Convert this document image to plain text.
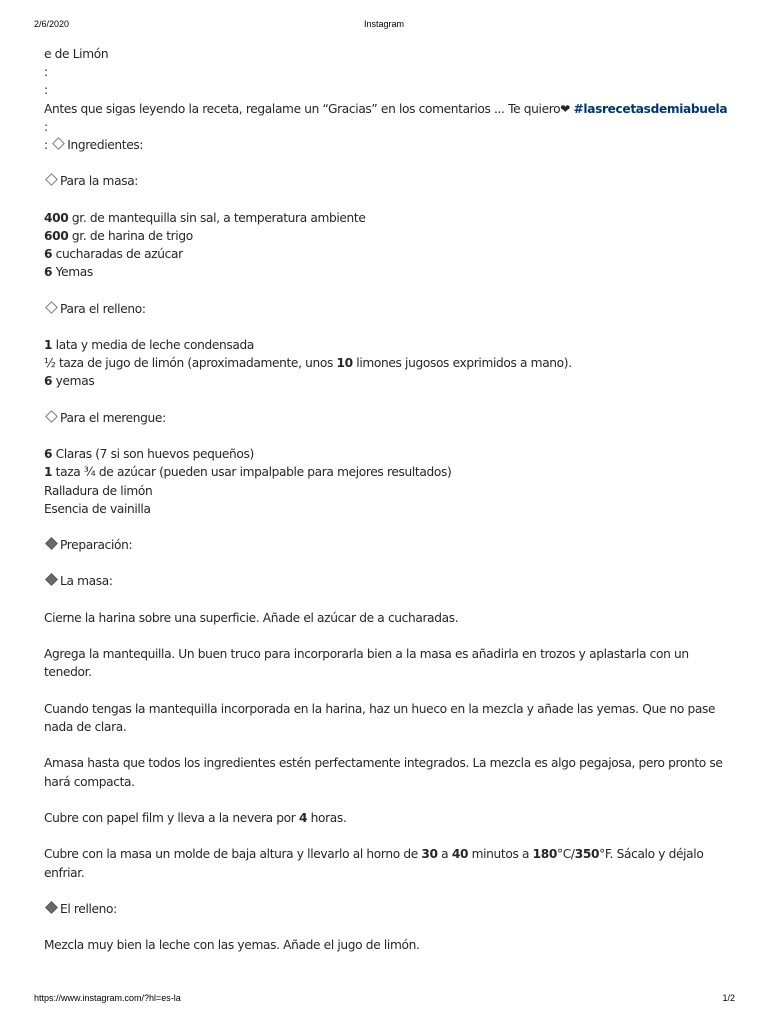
2/6/2020	Instagram
e de Limón
:
:
Antes que sigas leyendo la receta, regalame un “Gracias” en los comentarios ... Te quiero❤ #lasrecetasdemiabuela
:
: Ingredientes:
Para la masa:
400 gr. de mantequilla sin sal, a temperatura ambiente
600 gr. de harina de trigo
6 cucharadas de azúcar
6 Yemas
Para el relleno:
1 lata y media de leche condensada
½ taza de jugo de limón (aproximadamente, unos 10 limones jugosos exprimidos a mano).
6 yemas
Para el merengue:
6 Claras (7 si son huevos pequeños)
1 taza ¾ de azúcar (pueden usar impalpable para mejores resultados)
Ralladura de limón
Esencia de vainilla
Preparación:
La masa:
Cierne la harina sobre una superficie. Añade el azúcar de a cucharadas.
Agrega la mantequilla. Un buen truco para incorporarla bien a la masa es añadirla en trozos y aplastarla con un tenedor.
Cuando tengas la mantequilla incorporada en la harina, haz un hueco en la mezcla y añade las yemas. Que no pase nada de clara.
Amasa hasta que todos los ingredientes estén perfectamente integrados. La mezcla es algo pegajosa, pero pronto se hará compacta.
Cubre con papel film y lleva a la nevera por 4 horas.
Cubre con la masa un molde de baja altura y llevarlo al horno de 30 a 40 minutos a 180°C/350°F. Sácalo y déjalo enfriar.
El relleno:
Mezcla muy bien la leche con las yemas. Añade el jugo de limón.
https://www.instagram.com/?hl=es-la	1/2
